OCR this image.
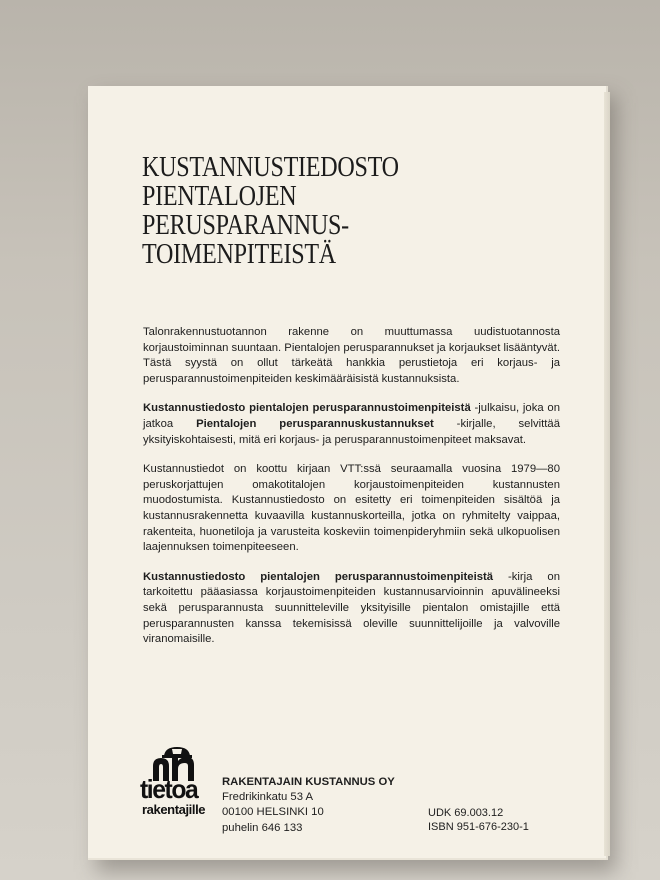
KUSTANNUSTIEDOSTO
PIENTALOJEN
PERUSPARANNUS-
TOIMENPITEISTÄ

Talonrakennustuotannon rakenne on muuttumassa uudistuotannosta korjaustoiminnan suuntaan. Pientalojen perusparannukset ja korjaukset lisääntyvät. Tästä syystä on ollut tärkeätä hankkia perustietoja eri korjaus- ja perusparannustoimenpiteiden keskimääräisistä kustannuksista.

Kustannustiedosto pientalojen perusparannustoimenpiteistä -julkaisu, joka on jatkoa Pientalojen perusparannuskustannukset -kirjalle, selvittää yksityiskohtaisesti, mitä eri korjaus- ja perusparannustoimenpiteet maksavat.

Kustannustiedot on koottu kirjaan VTT:ssä seuraamalla vuosina 1979—80 peruskorjattujen omakotitalojen korjaustoimenpiteiden kustannusten muodostumista. Kustannustiedosto on esitetty eri toimenpiteiden sisältöä ja kustannusrakennetta kuvaavilla kustannuskorteilla, jotka on ryhmitelty vaippaa, rakenteita, huonetiloja ja varusteita koskeviin toimenpideryhmiin sekä ulkopuolisen laajennuksen toimenpiteeseen.

Kustannustiedosto pientalojen perusparannustoimenpiteistä -kirja on tarkoitettu pääasiassa korjaustoimenpiteiden kustannusarvioinnin apuvälineeksi sekä perusparannusta suunnitteleville yksityisille pientalon omistajille että perusparannusten kanssa tekemisissä oleville suunnittelijoille ja valvoville viranomaisille.

tietoa
rakentajille
RAKENTAJAIN KUSTANNUS OY
Fredrikinkatu 53 A
00100 HELSINKI 10
puhelin 646 133
UDK 69.003.12
ISBN 951-676-230-1
